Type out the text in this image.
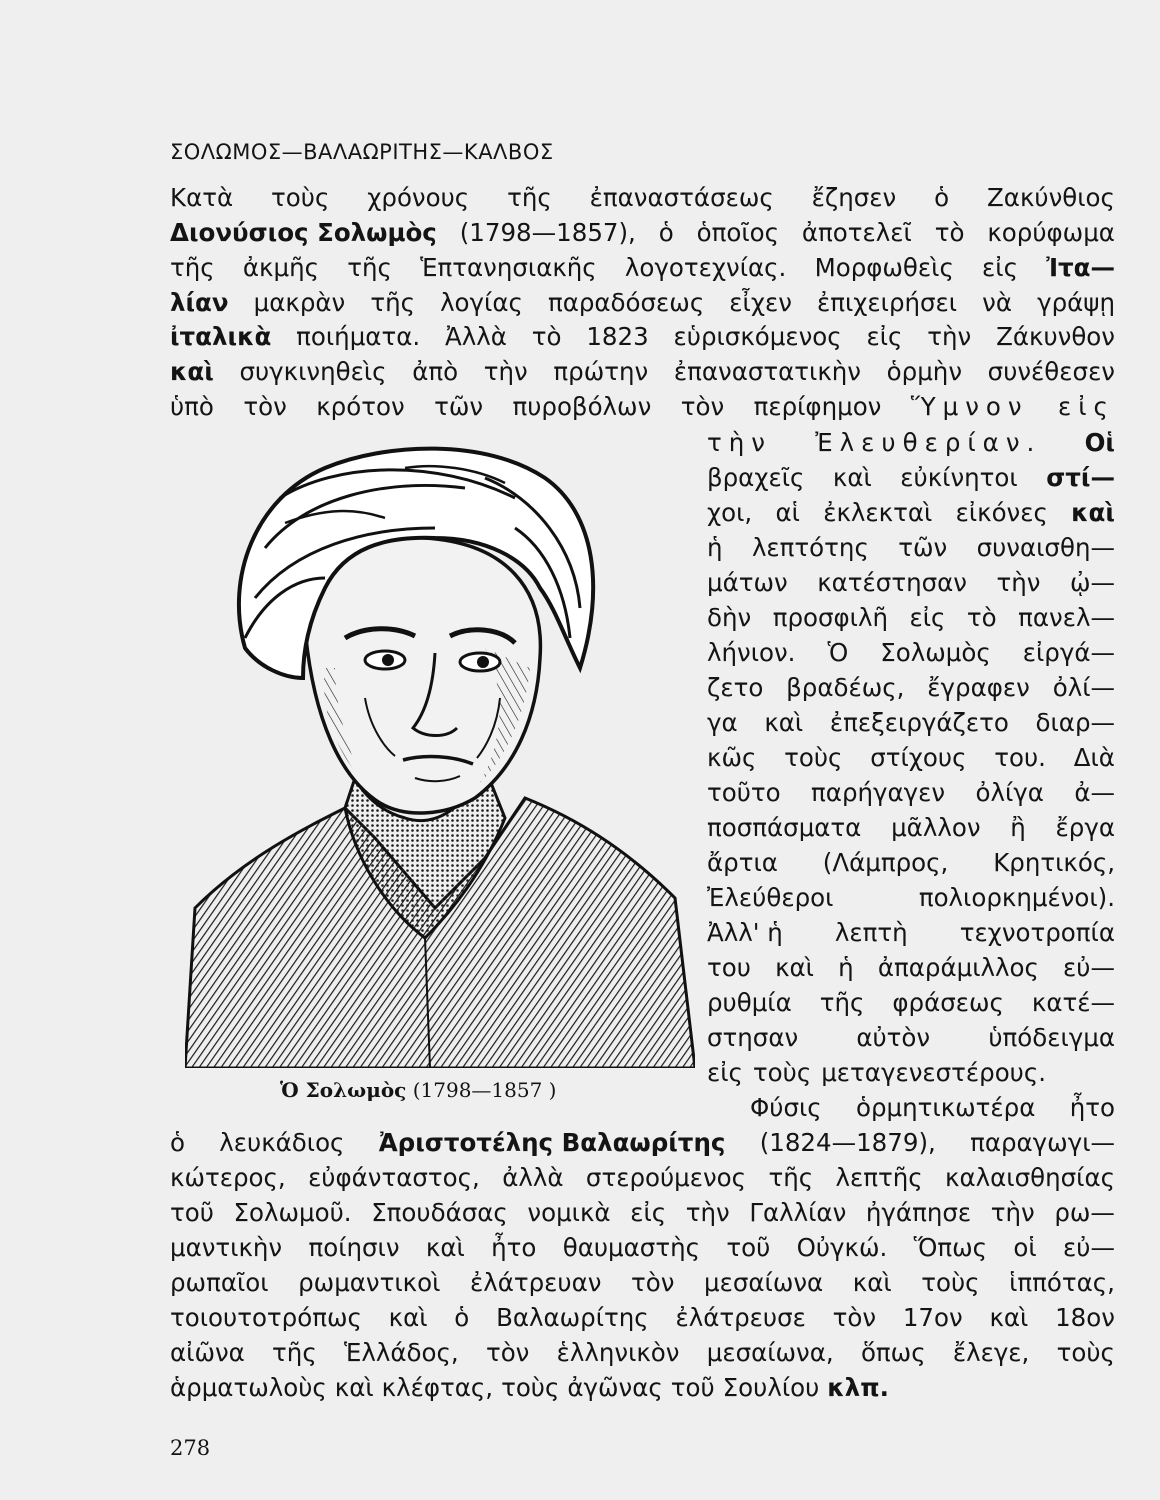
ΣΟΛΩΜΟΣ—ΒΑΛΑΩΡΙΤΗΣ—ΚΑΛΒΟΣ
Κατὰ τοὺς χρόνους τῆς ἐπαναστάσεως ἔζησεν ὁ Ζακύνθιος
Διονύσιος Σολωμὸς (1798—1857), ὁ ὁποῖος ἀποτελεῖ τὸ κορύφωμα
τῆς ἀκμῆς τῆς Ἑπτανησιακῆς λογοτεχνίας. Μορφωθεὶς εἰς Ἰτα—
λίαν μακρὰν τῆς λογίας παραδόσεως εἶχεν ἐπιχειρήσει νὰ γράψῃ
ἰταλικὰ ποιήματα. Ἀλλὰ τὸ 1823 εὑρισκόμενος εἰς τὴν Ζάκυνθον
καὶ συγκινηθεὶς ἀπὸ τὴν πρώτην ἐπαναστατικὴν ὁρμὴν συνέθεσεν
ὑπὸ τὸν κρότον τῶν πυροβόλων τὸν περίφημον Ὕμνον εἰς
τὴν Ἐλευθερίαν. Οἱ
βραχεῖς καὶ εὐκίνητοι στί—
χοι, αἱ ἐκλεκταὶ εἰκόνες καὶ
ἡ λεπτότης τῶν συναισθη—
μάτων κατέστησαν τὴν ᾠ—
δὴν προσφιλῆ εἰς τὸ πανελ—
λήνιον. Ὁ Σολωμὸς εἰργά—
ζετο βραδέως, ἔγραφεν ὀλί—
γα καὶ ἐπεξειργάζετο διαρ—
κῶς τοὺς στίχους του. Διὰ
τοῦτο παρήγαγεν ὀλίγα ἀ—
ποσπάσματα μᾶλλον ἢ ἔργα
ἄρτια (Λάμπρος, Κρητικός,
Ἐλεύθεροι	πολιορκημένοι).
Ἀλλ' ἡ λεπτὴ τεχνοτροπία
του καὶ ἡ ἀπαράμιλλος εὐ—
ρυθμία τῆς φράσεως κατέ—
στησαν αὐτὸν ὑπόδειγμα
εἰς τοὺς μεταγενεστέρους.
Φύσις ὁρμητικωτέρα ἦτο
ὁ λευκάδιος Ἀριστοτέλης Βαλαωρίτης (1824—1879), παραγωγι—
κώτερος, εὐφάνταστος, ἀλλὰ στερούμενος τῆς λεπτῆς καλαισθησίας
τοῦ Σολωμοῦ. Σπουδάσας νομικὰ εἰς τὴν Γαλλίαν ἠγάπησε τὴν ρω—
μαντικὴν ποίησιν καὶ ἦτο θαυμαστὴς τοῦ Οὐγκώ. Ὅπως οἱ εὐ—
ρωπαῖοι ρωμαντικοὶ ἐλάτρευαν τὸν μεσαίωνα καὶ τοὺς ἱππότας,
τοιουτοτρόπως καὶ ὁ Βαλαωρίτης ἐλάτρευσε τὸν 17ον καὶ 18ον
αἰῶνα τῆς Ἑλλάδος, τὸν ἑλληνικὸν μεσαίωνα, ὅπως ἔλεγε, τοὺς
ἁρματωλοὺς καὶ κλέφτας, τοὺς ἀγῶνας τοῦ Σουλίου κλπ.
Ὁ Σολωμὸς (1798—1857 )
278
